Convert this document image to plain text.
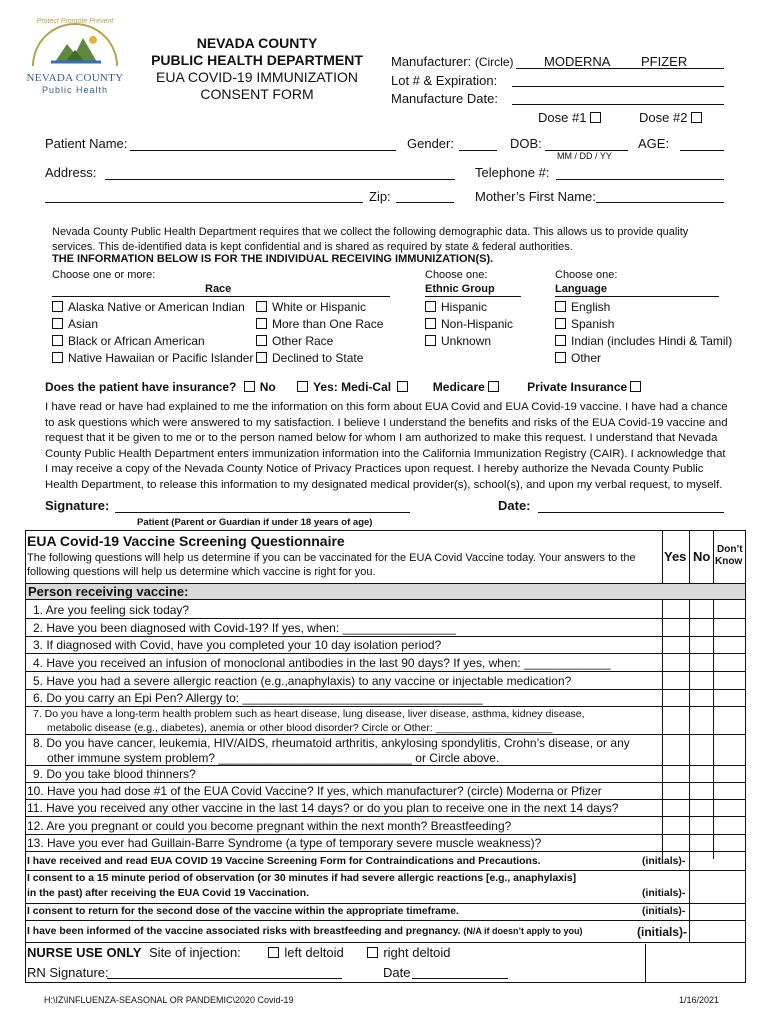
Protect Promote Prevent
NEVADA COUNTY
Public Health
NEVADA COUNTY
PUBLIC HEALTH DEPARTMENT
EUA COVID-19 IMMUNIZATION
CONSENT FORM
Manufacturer: (Circle) MODERNA PFIZER
Lot # & Expiration:
Manufacture Date:
Dose #1	Dose #2
Patient Name:	Gender:	DOB:
MM / DD / YY
AGE:
Address:	Telephone #:
Zip:	Mother’s First Name:
Nevada County Public Health Department requires that we collect the following demographic data. This allows us to provide quality services. This de-identified data is kept confidential and is shared as required by state & federal authorities.
THE INFORMATION BELOW IS FOR THE INDIVIDUAL RECEIVING IMMUNIZATION(S).
Choose one or more:	Choose one:	Choose one:
Race	Ethnic Group	Language
Alaska Native or American Indian
Asian
Black or African American
Native Hawaiian or Pacific Islander
White or Hispanic
More than One Race
Other Race
Declined to State
Hispanic
Non-Hispanic
Unknown
English
Spanish
Indian (includes Hindi & Tamil)
Other
Does the patient have insurance? No	Yes: Medi-Cal	Medicare	Private Insurance
I have read or have had explained to me the information on this form about EUA Covid and EUA Covid-19 vaccine. I have had a chance to ask questions which were answered to my satisfaction. I believe I understand the benefits and risks of the EUA Covid-19 vaccine and request that it be given to me or to the person named below for whom I am authorized to make this request. I understand that Nevada County Public Health Department enters immunization information into the California Immunization Registry (CAIR). I acknowledge that I may receive a copy of the Nevada County Notice of Privacy Practices upon request. I hereby authorize the Nevada County Public Health Department, to release this information to my designated medical provider(s), school(s), and upon my verbal request, to myself.
Signature:	Date:
Patient (Parent or Guardian if under 18 years of age)
EUA Covid-19 Vaccine Screening Questionnaire
The following questions will help us determine if you can be vaccinated for the EUA Covid Vaccine today. Your answers to the following questions will help us determine which vaccine is right for you.
Yes No Don’t
Know
Person receiving vaccine:
1. Are you feeling sick today?
2. Have you been diagnosed with Covid-19? If yes, when: _________________
3. If diagnosed with Covid, have you completed your 10 day isolation period?
4. Have you received an infusion of monoclonal antibodies in the last 90 days? If yes, when: _____________
5. Have you had a severe allergic reaction (e.g.,anaphylaxis) to any vaccine or injectable medication?
6. Do you carry an Epi Pen? Allergy to: ____________________________________
7. Do you have a long-term health problem such as heart disease, lung disease, liver disease, asthma, kidney disease,
metabolic disease (e.g., diabetes), anemia or other blood disorder? Circle or Other: ____________________
8. Do you have cancer, leukemia, HIV/AIDS, rheumatoid arthritis, ankylosing spondylitis, Crohn’s disease, or any
other immune system problem? _____________________________ or Circle above.
9. Do you take blood thinners?
10. Have you had dose #1 of the EUA Covid Vaccine? If yes, which manufacturer? (circle) Moderna or Pfizer
11. Have you received any other vaccine in the last 14 days? or do you plan to receive one in the next 14 days?
12. Are you pregnant or could you become pregnant within the next month? Breastfeeding?
13. Have you ever had Guillain-Barre Syndrome (a type of temporary severe muscle weakness)?
I have received and read EUA COVID 19 Vaccine Screening Form for Contraindications and Precautions.	(initials)-
I consent to a 15 minute period of observation (or 30 minutes if had severe allergic reactions [e.g., anaphylaxis]
in the past) after receiving the EUA Covid 19 Vaccination.	(initials)-
I consent to return for the second dose of the vaccine within the appropriate timeframe.	(initials)-
I have been informed of the vaccine associated risks with breastfeeding and pregnancy. (N/A if doesn’t apply to you)	(initials)-
NURSE USE ONLY Site of injection:	left deltoid	right deltoid
RN Signature:	Date
H:\IZ\INFLUENZA-SEASONAL OR PANDEMIC\2020 Covid-19	1/16/2021
